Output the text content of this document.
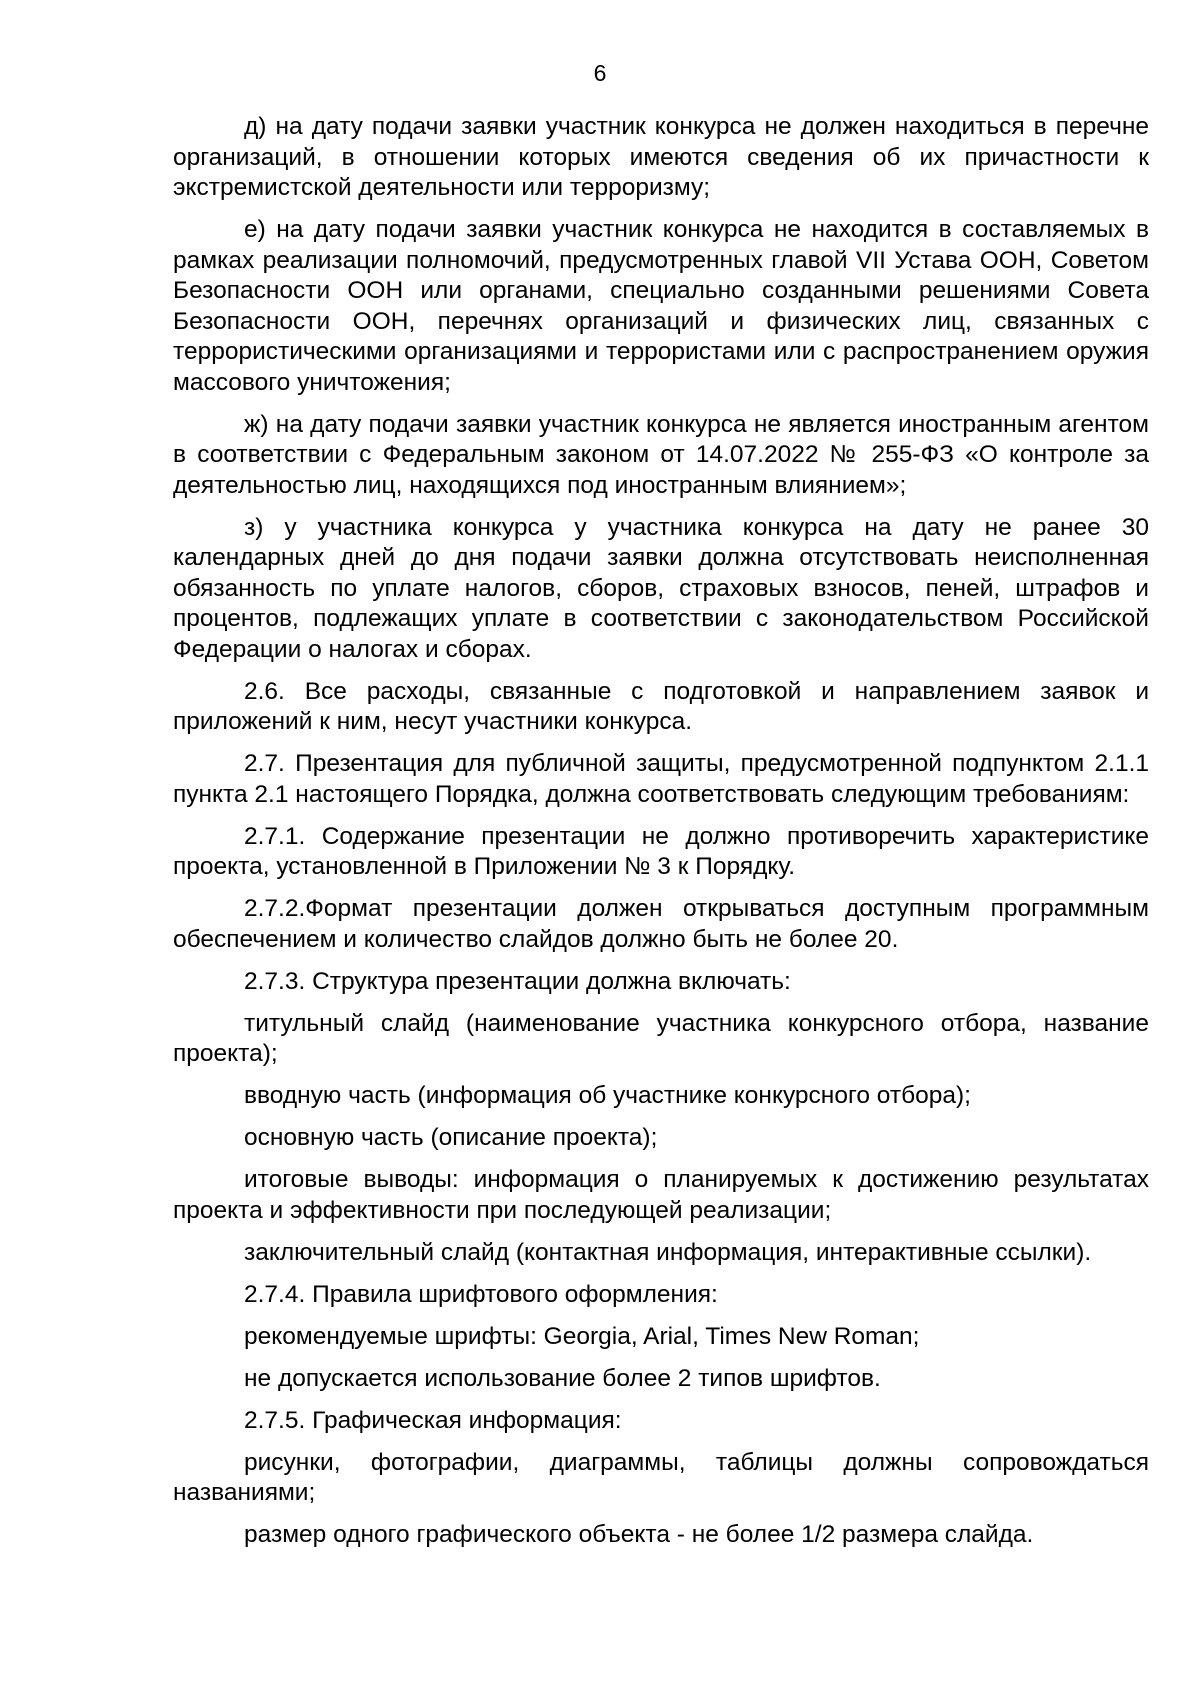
6

д) на дату подачи заявки участник конкурса не должен находиться в перечне организаций, в отношении которых имеются сведения об их причастности к экстремистской деятельности или терроризму;

е) на дату подачи заявки участник конкурса не находится в составляемых в рамках реализации полномочий, предусмотренных главой VII Устава ООН, Советом Безопасности ООН или органами, специально созданными решениями Совета Безопасности ООН, перечнях организаций и физических лиц, связанных с террористическими организациями и террористами или с распространением оружия массового уничтожения;

ж) на дату подачи заявки участник конкурса не является иностранным агентом в соответствии с Федеральным законом от 14.07.2022 № 255-ФЗ «О контроле за деятельностью лиц, находящихся под иностранным влиянием»;

з) у участника конкурса у участника конкурса на дату не ранее 30 календарных дней до дня подачи заявки должна отсутствовать неисполненная обязанность по уплате налогов, сборов, страховых взносов, пеней, штрафов и процентов, подлежащих уплате в соответствии с законодательством Российской Федерации о налогах и сборах.

2.6. Все расходы, связанные с подготовкой и направлением заявок и приложений к ним, несут участники конкурса.

2.7. Презентация для публичной защиты, предусмотренной подпунктом 2.1.1 пункта 2.1 настоящего Порядка, должна соответствовать следующим требованиям:

2.7.1. Содержание презентации не должно противоречить характеристике проекта, установленной в Приложении № 3 к Порядку.

2.7.2.Формат презентации должен открываться доступным программным обеспечением и количество слайдов должно быть не более 20.

2.7.3. Структура презентации должна включать:

титульный слайд (наименование участника конкурсного отбора, название проекта);

вводную часть (информация об участнике конкурсного отбора);

основную часть (описание проекта);

итоговые выводы: информация о планируемых к достижению результатах проекта и эффективности при последующей реализации;

заключительный слайд (контактная информация, интерактивные ссылки).

2.7.4. Правила шрифтового оформления:

рекомендуемые шрифты: Georgia, Arial, Times New Roman;

не допускается использование более 2 типов шрифтов.

2.7.5. Графическая информация:

рисунки, фотографии, диаграммы, таблицы должны сопровождаться названиями;

размер одного графического объекта - не более 1/2 размера слайда.
